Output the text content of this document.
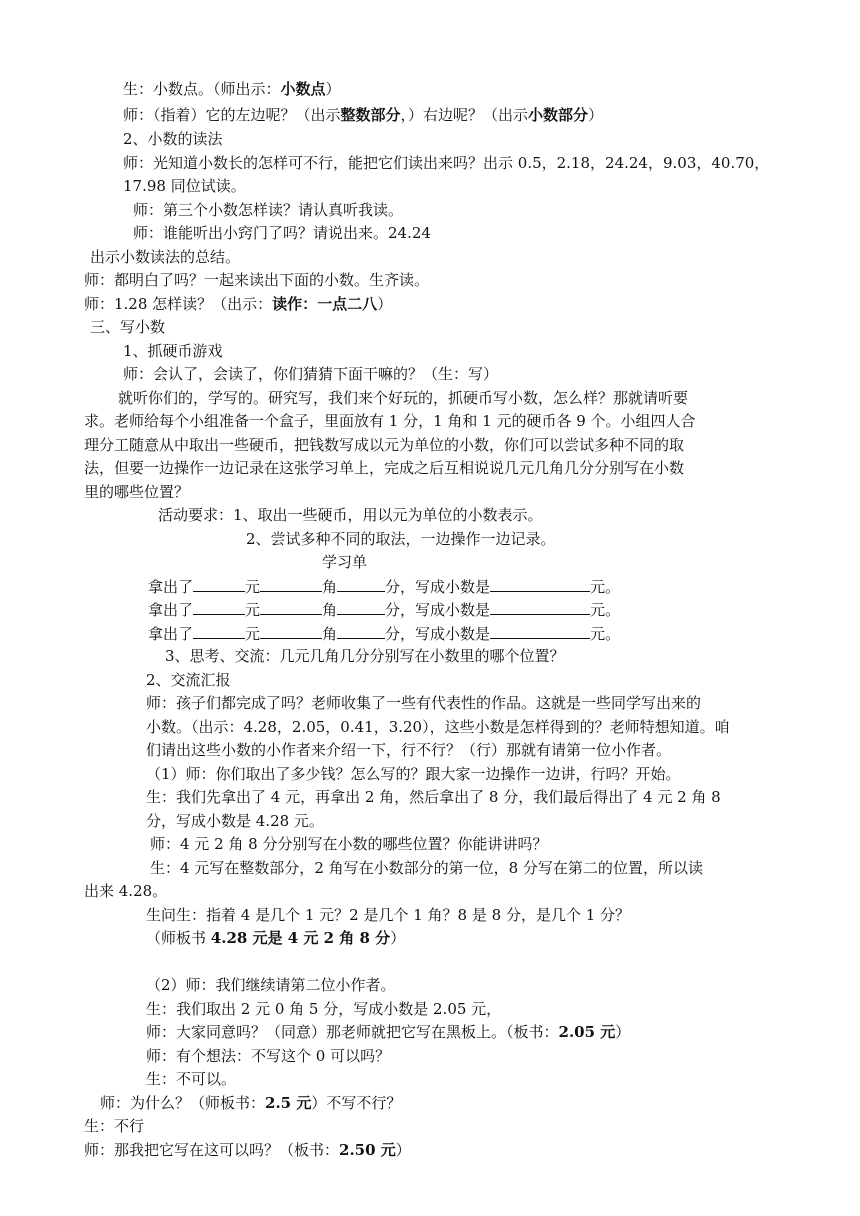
生：小数点。（师出示：小数点）
师：（指着）它的左边呢？（出示整数部分，）右边呢？（出示小数部分）
2、小数的读法
师：光知道小数长的怎样可不行，能把它们读出来吗？出示 0.5，2.18，24.24，9.03，40.70，
17.98 同位试读。
师：第三个小数怎样读？请认真听我读。
师：谁能听出小窍门了吗？请说出来。24.24
出示小数读法的总结。
师：都明白了吗？一起来读出下面的小数。生齐读。
师：1.28 怎样读？（出示：读作：一点二八）
三、写小数
1、抓硬币游戏
师：会认了，会读了，你们猜猜下面干嘛的？（生：写）
就听你们的，学写的。研究写，我们来个好玩的，抓硬币写小数，怎么样？那就请听要
求。老师给每个小组准备一个盒子，里面放有 1 分，1 角和 1 元的硬币各 9 个。小组四人合
理分工随意从中取出一些硬币，把钱数写成以元为单位的小数，你们可以尝试多种不同的取
法，但要一边操作一边记录在这张学习单上，完成之后互相说说几元几角几分分别写在小数
里的哪些位置？
活动要求：1、取出一些硬币，用以元为单位的小数表示。
2、尝试多种不同的取法，一边操作一边记录。
学习单
拿出了	元	角	分，写成小数是	元。
拿出了	元	角	分，写成小数是	元。
拿出了	元	角	分，写成小数是	元。
3、思考、交流：几元几角几分分别写在小数里的哪个位置？
2、交流汇报
师：孩子们都完成了吗？老师收集了一些有代表性的作品。这就是一些同学写出来的
小数。（出示：4.28，2.05，0.41，3.20），这些小数是怎样得到的？老师特想知道。咱
们请出这些小数的小作者来介绍一下，行不行？（行）那就有请第一位小作者。
（1）师：你们取出了多少钱？怎么写的？跟大家一边操作一边讲，行吗？开始。
生：我们先拿出了 4 元，再拿出 2 角，然后拿出了 8 分，我们最后得出了 4 元 2 角 8
分，写成小数是 4.28 元。
师：4 元 2 角 8 分分别写在小数的哪些位置？你能讲讲吗？
生：4 元写在整数部分，2 角写在小数部分的第一位，8 分写在第二的位置，所以读
出来 4.28。
生问生：指着 4 是几个 1 元？2 是几个 1 角？8 是 8 分，是几个 1 分？
（师板书 4.28 元是 4 元 2 角 8 分）
（2）师：我们继续请第二位小作者。
生：我们取出 2 元 0 角 5 分，写成小数是 2.05 元，
师：大家同意吗？（同意）那老师就把它写在黑板上。（板书：2.05 元）
师：有个想法：不写这个 0 可以吗？
生：不可以。
师：为什么？（师板书：2.5 元）不写不行？
生：不行
师：那我把它写在这可以吗？（板书：2.50 元）
